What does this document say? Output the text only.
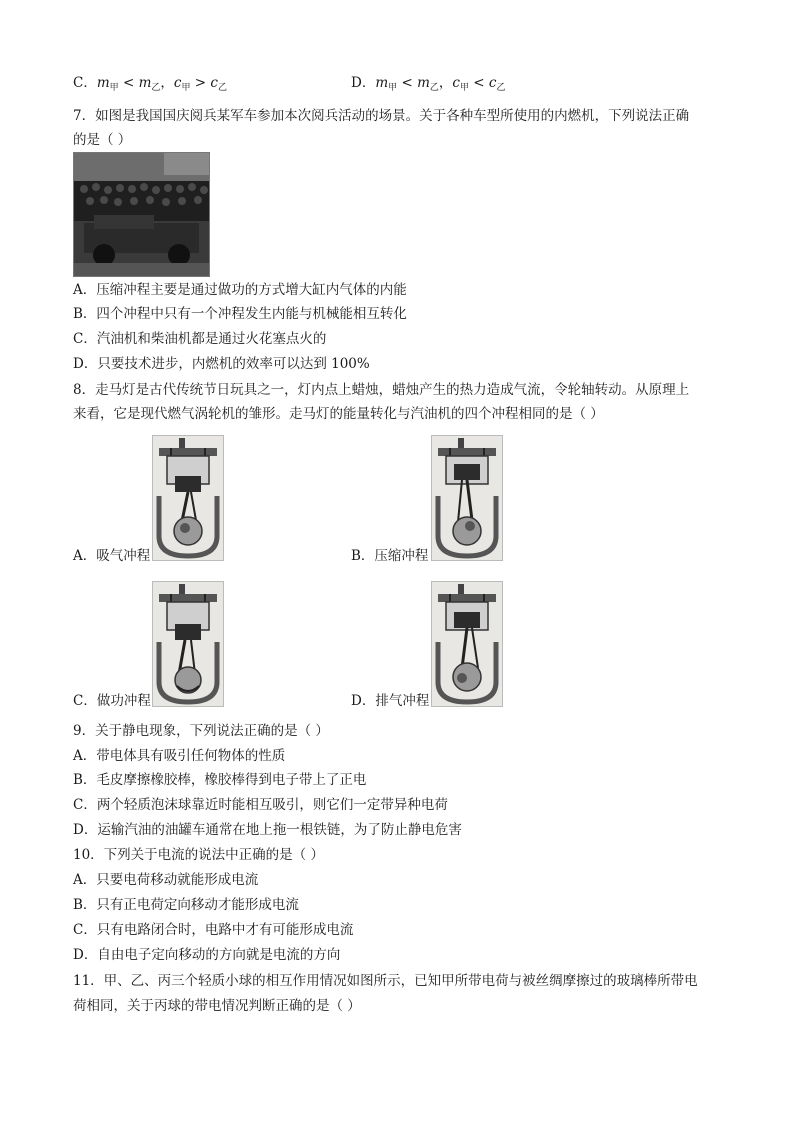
C．$m_甲 < m_乙$，$c_甲 > c_乙$	D．$m_甲 < m_乙$，$c_甲 < c_乙$
7．如图是我国国庆阅兵某军车参加本次阅兵活动的场景。关于各种车型所使用的内燃机，下列说法正确
的是（ ）
A．压缩冲程主要是通过做功的方式增大缸内气体的内能
B．四个冲程中只有一个冲程发生内能与机械能相互转化
C．汽油机和柴油机都是通过火花塞点火的
D．只要技术进步，内燃机的效率可以达到 100%
8．走马灯是古代传统节日玩具之一，灯内点上蜡烛，蜡烛产生的热力造成气流，令轮轴转动。从原理上
来看，它是现代燃气涡轮机的雏形。走马灯的能量转化与汽油机的四个冲程相同的是（ ）
A．吸气冲程	B．压缩冲程
C．做功冲程	D．排气冲程
9．关于静电现象，下列说法正确的是（ ）
A．带电体具有吸引任何物体的性质
B．毛皮摩擦橡胶棒，橡胶棒得到电子带上了正电
C．两个轻质泡沫球靠近时能相互吸引，则它们一定带异种电荷
D．运输汽油的油罐车通常在地上拖一根铁链，为了防止静电危害
10．下列关于电流的说法中正确的是（ ）
A．只要电荷移动就能形成电流
B．只有正电荷定向移动才能形成电流
C．只有电路闭合时，电路中才有可能形成电流
D．自由电子定向移动的方向就是电流的方向
11．甲、乙、丙三个轻质小球的相互作用情况如图所示，已知甲所带电荷与被丝绸摩擦过的玻璃棒所带电
荷相同，关于丙球的带电情况判断正确的是（ ）
